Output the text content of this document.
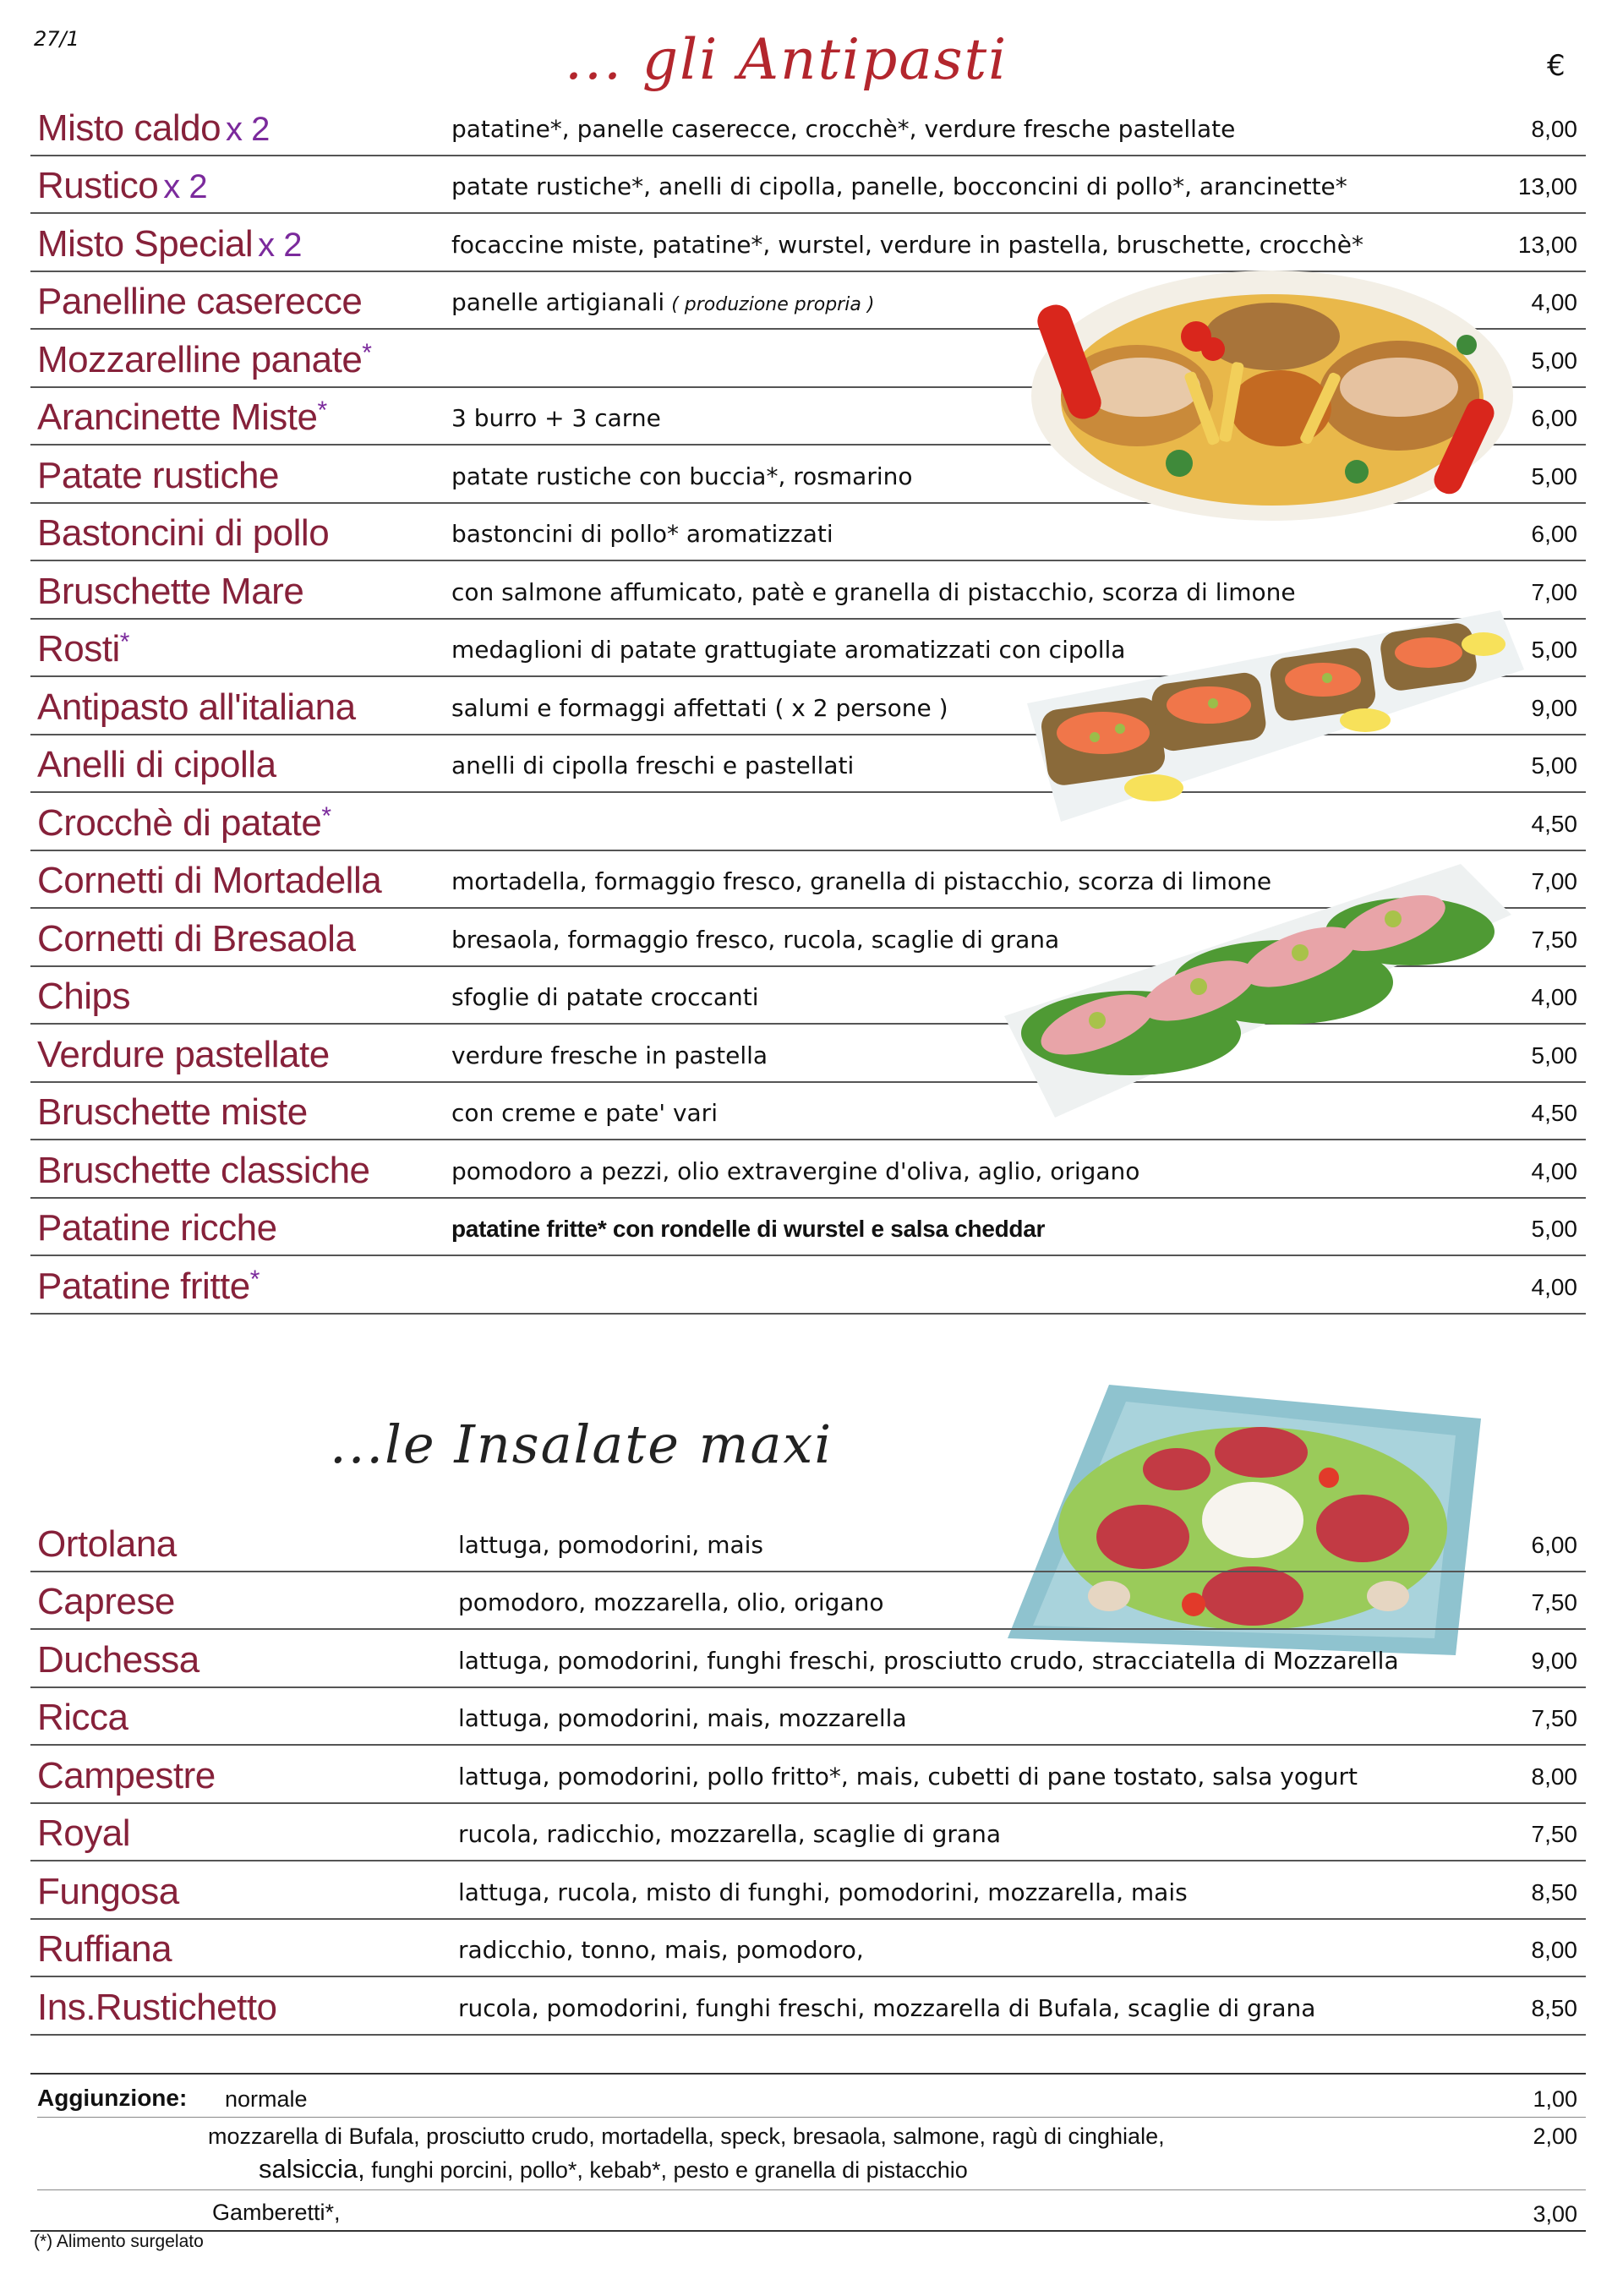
27/1	... gli Antipasti	€
Misto caldo x 2	patatine*, panelle caserecce, crocchè*, verdure fresche pastellate	8,00
Rustico x 2	patate rustiche*, anelli di cipolla, panelle, bocconcini di pollo*, arancinette*	13,00
Misto Special x 2	focaccine miste, patatine*, wurstel, verdure in pastella, bruschette, crocchè*	13,00
Panelline caserecce	panelle artigianali ( produzione propria )	4,00
Mozzarelline panate*	5,00
Arancinette Miste*	3 burro + 3 carne	6,00
Patate rustiche	patate rustiche con buccia*, rosmarino	5,00
Bastoncini di pollo	bastoncini di pollo* aromatizzati	6,00
Bruschette Mare	con salmone affumicato, patè e granella di pistacchio, scorza di limone	7,00
Rosti*	medaglioni di patate grattugiate aromatizzati con cipolla	5,00
Antipasto all'italiana	salumi e formaggi affettati ( x 2 persone )	9,00
Anelli di cipolla	anelli di cipolla freschi e pastellati	5,00
Crocchè di patate*	4,50
Cornetti di Mortadella	mortadella, formaggio fresco, granella di pistacchio, scorza di limone	7,00
Cornetti di Bresaola	bresaola, formaggio fresco, rucola, scaglie di grana	7,50
Chips	sfoglie di patate croccanti	4,00
Verdure pastellate	verdure fresche in pastella	5,00
Bruschette miste	con creme e pate' vari	4,50
Bruschette classiche	pomodoro a pezzi, olio extravergine d'oliva, aglio, origano	4,00
Patatine ricche	patatine fritte* con rondelle di wurstel e salsa cheddar	5,00
Patatine fritte*	4,00
...le Insalate maxi
Ortolana	lattuga, pomodorini, mais	6,00
Caprese	pomodoro, mozzarella, olio, origano	7,50
Duchessa	lattuga, pomodorini, funghi freschi, prosciutto crudo, stracciatella di Mozzarella	9,00
Ricca	lattuga, pomodorini, mais, mozzarella	7,50
Campestre	lattuga, pomodorini, pollo fritto*, mais, cubetti di pane tostato, salsa yogurt	8,00
Royal	rucola, radicchio, mozzarella, scaglie di grana	7,50
Fungosa	lattuga, rucola, misto di funghi, pomodorini, mozzarella, mais	8,50
Ruffiana	radicchio, tonno, mais, pomodoro,	8,00
Ins.Rustichetto	rucola, pomodorini, funghi freschi, mozzarella di Bufala, scaglie di grana	8,50
Aggiunzione: normale	1,00
mozzarella di Bufala, prosciutto crudo, mortadella, speck, bresaola, salmone, ragù di cinghiale,
salsiccia, funghi porcini, pollo*, kebab*, pesto e granella di pistacchio
2,00
Gamberetti*,	3,00
(*) Alimento surgelato
